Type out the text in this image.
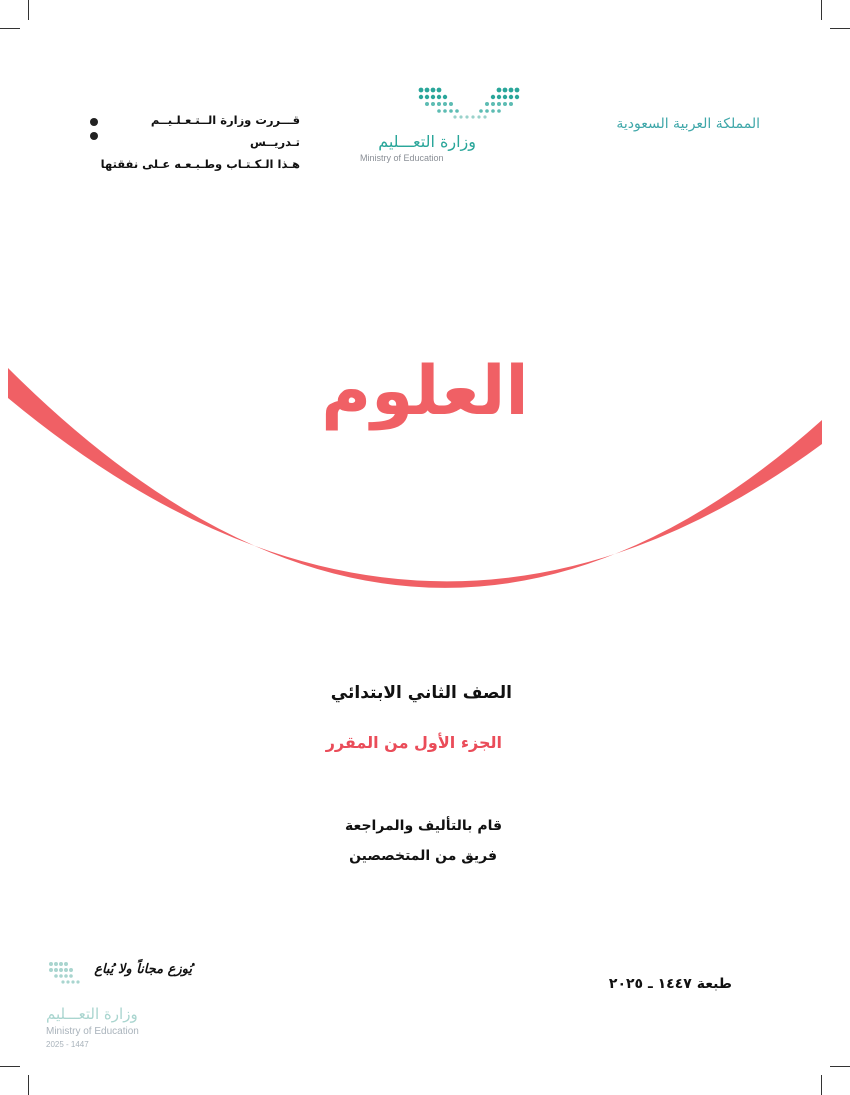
المملكة العربية السعودية
وزارة التعـــليم
Ministry of Education
قـــررت وزارة الــتـعـلـيــم تـدريــس
هـذا الـكـتـاب وطـبـعـه عـلى نفقتها
العلوم
الصف الثاني الابتدائي
الجزء الأول من المقرر
قام بالتأليف والمراجعة
فريق من المتخصصين
طبعة ١٤٤٧ ـ ٢٠٢٥
يُوزع مجاناً ولا يُباع
وزارة التعـــليم
Ministry of Education
2025 - 1447
